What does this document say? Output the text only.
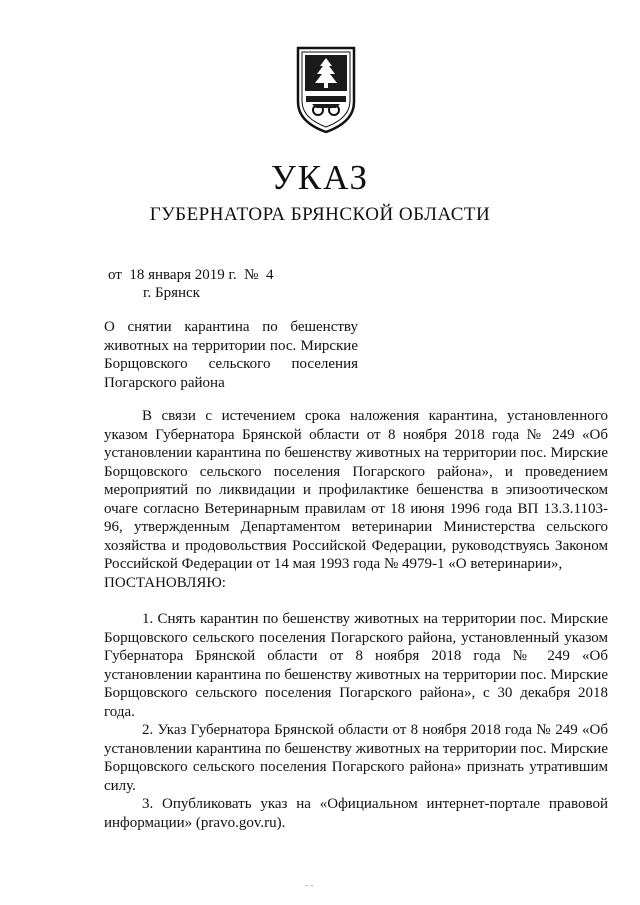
УКАЗ
ГУБЕРНАТОРА БРЯНСКОЙ ОБЛАСТИ
от  18 января 2019 г.  №  4
г. Брянск
О снятии карантина по бешенству животных на территории пос. Мирские Борщовского сельского поселения Погарского района

В связи с истечением срока наложения карантина, установленного указом Губернатора Брянской области от 8 ноября 2018 года № 249 «Об установлении карантина по бешенству животных на территории пос. Мирские Борщовского сельского поселения Погарского района», и проведением мероприятий по ликвидации и профилактике бешенства в эпизоотическом очаге согласно Ветеринарным правилам от 18 июня 1996 года ВП 13.3.1103-96, утвержденным Департаментом ветеринарии Министерства сельского хозяйства и продовольствия Российской Федерации, руководствуясь Законом Российской Федерации от 14 мая 1993 года № 4979-1 «О ветеринарии»,

ПОСТАНОВЛЯЮ:

1. Снять карантин по бешенству животных на территории пос. Мирские Борщовского сельского поселения Погарского района, установленный указом Губернатора Брянской области от 8 ноября 2018 года № 249 «Об установлении карантина по бешенству животных на территории пос. Мирские Борщовского сельского поселения Погарского района», с 30 декабря 2018 года.

2. Указ Губернатора Брянской области от 8 ноября 2018 года № 249 «Об установлении карантина по бешенству животных на территории пос. Мирские Борщовского сельского поселения Погарского района» признать утратившим силу.

3. Опубликовать указ на «Официальном интернет-портале правовой информации» (pravo.gov.ru).

- -
